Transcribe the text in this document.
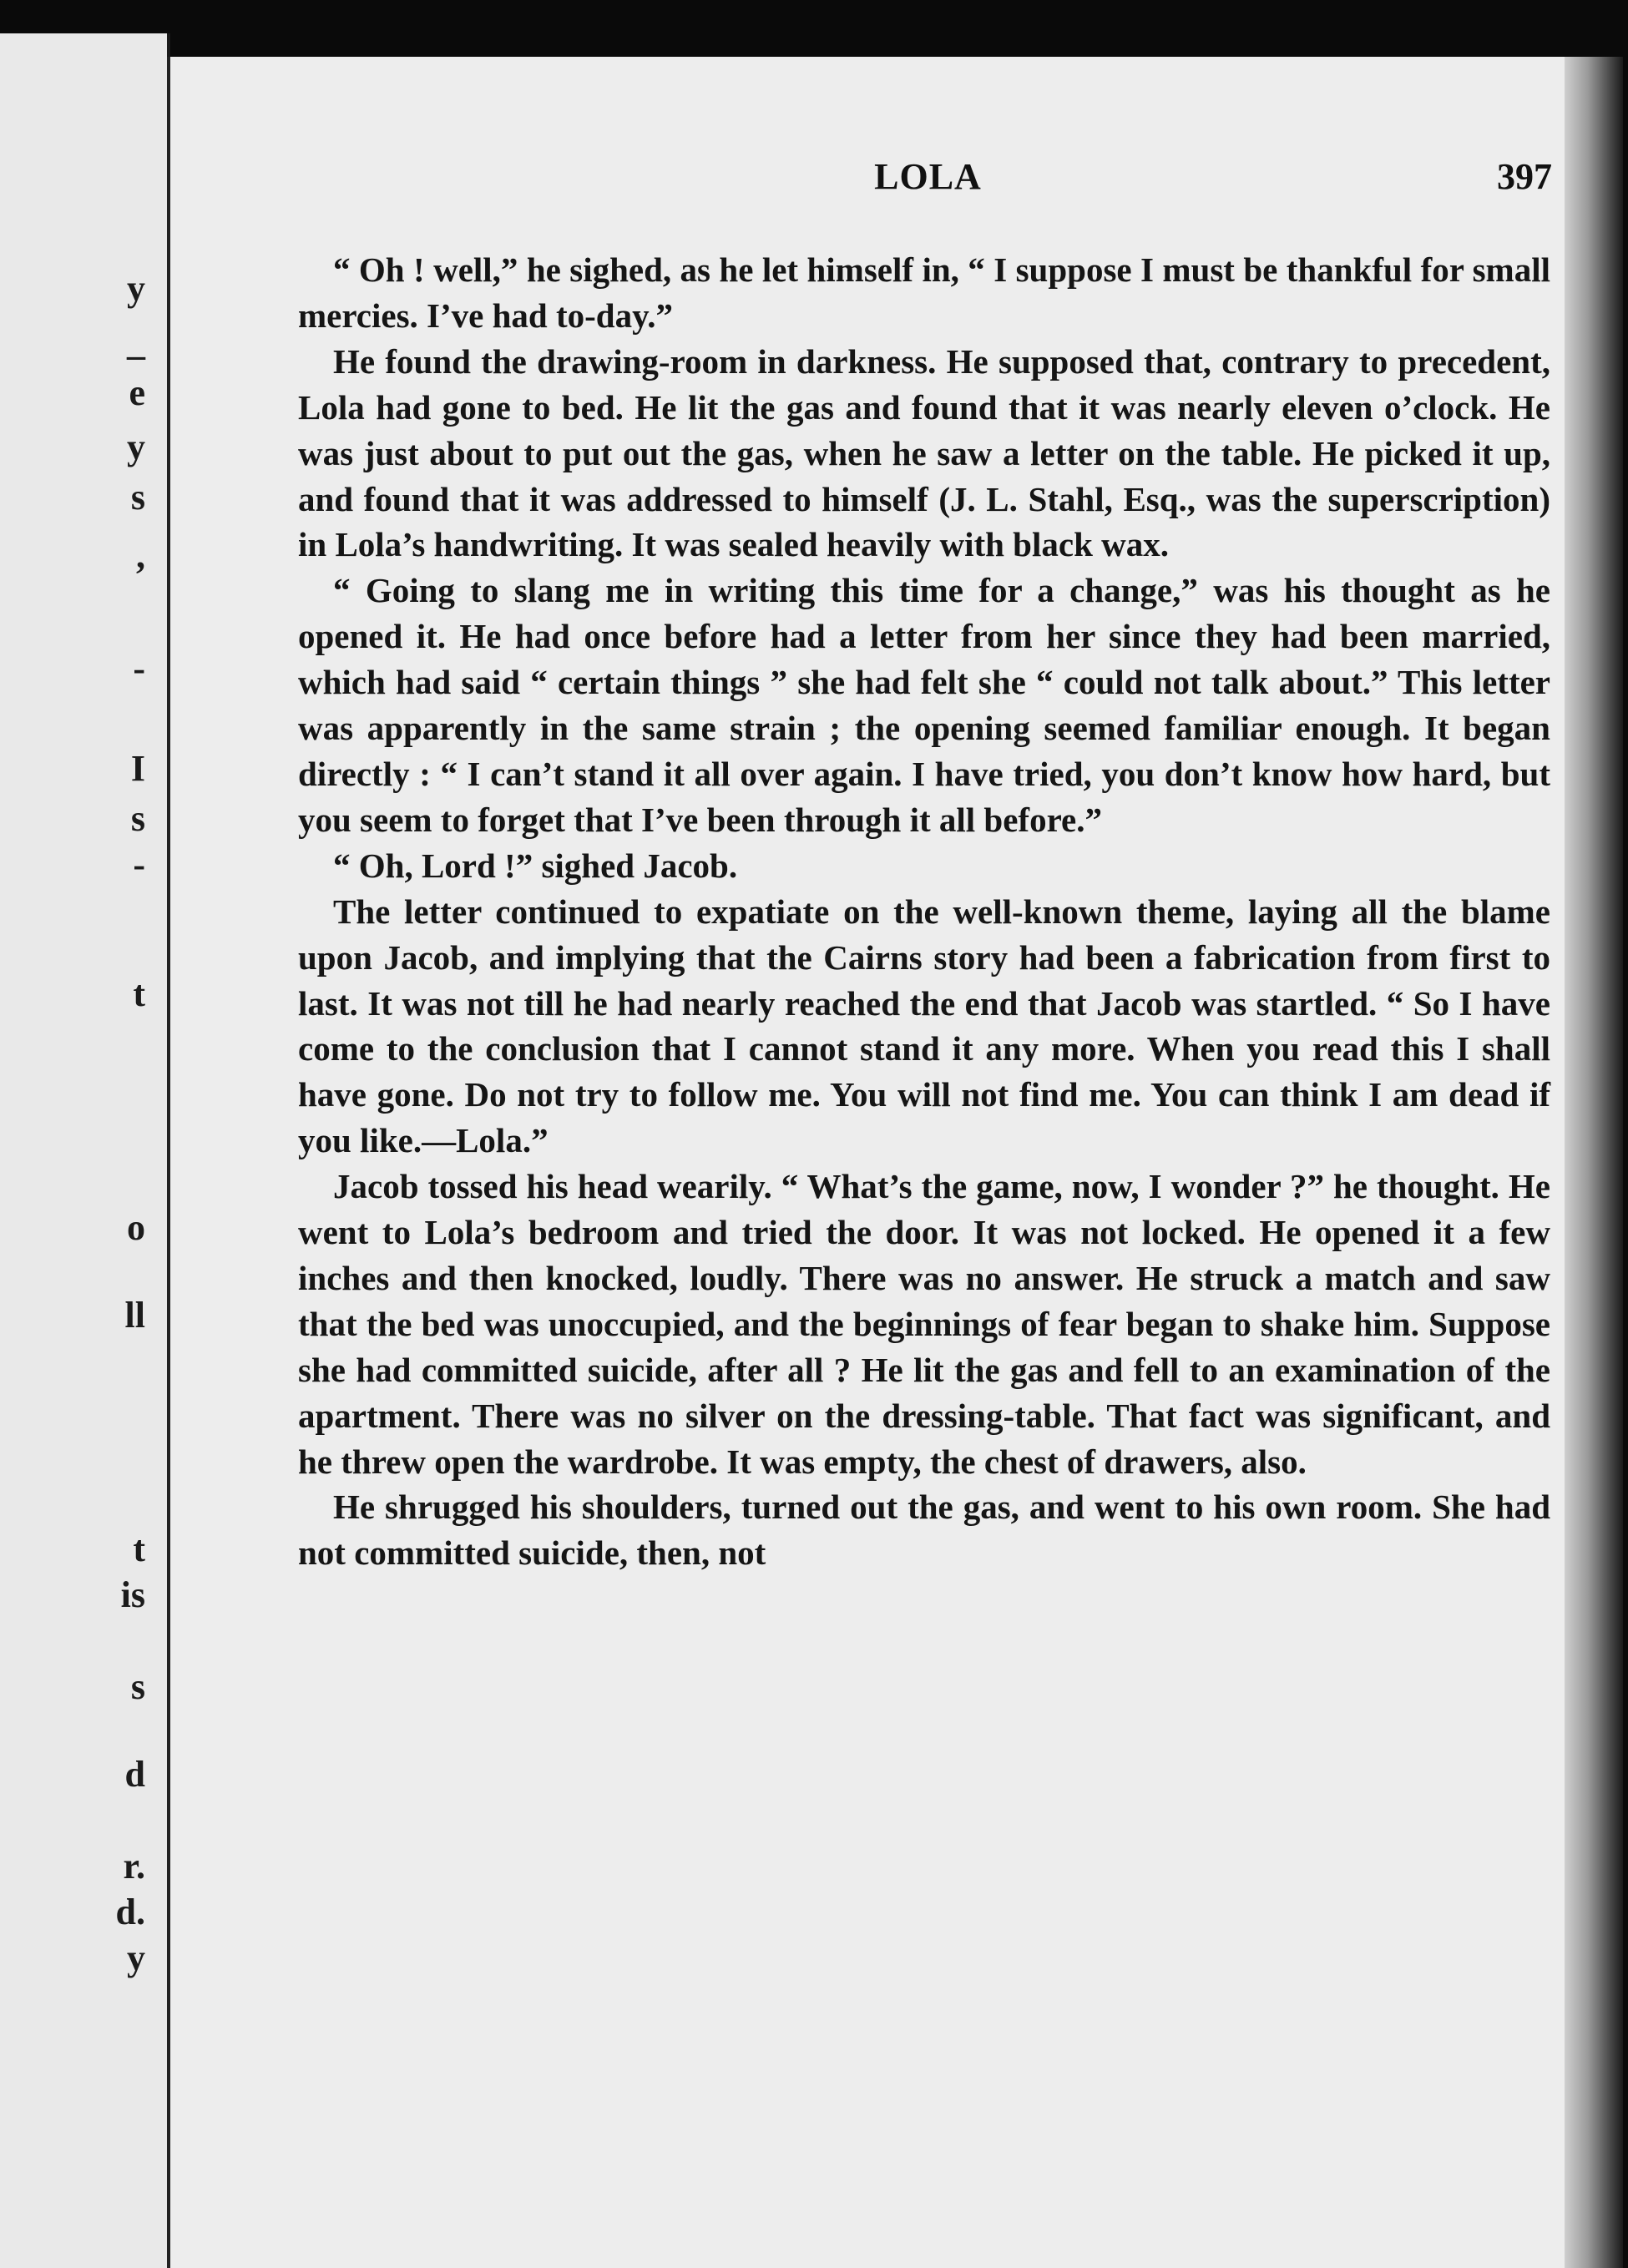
y
_
e
y
s
,
-
I
s
-
t
o
ll
t
is
s
d
r.
d.
y
LOLA	397

“ Oh ! well,” he sighed, as he let himself in, “ I suppose I must be thankful for small mercies. I’ve had to-day.”

He found the drawing-room in darkness. He supposed that, contrary to precedent, Lola had gone to bed. He lit the gas and found that it was nearly eleven o’clock. He was just about to put out the gas, when he saw a letter on the table. He picked it up, and found that it was addressed to himself (J. L. Stahl, Esq., was the superscription) in Lola’s handwriting. It was sealed heavily with black wax.

“ Going to slang me in writing this time for a change,” was his thought as he opened it. He had once before had a letter from her since they had been married, which had said “ certain things ” she had felt she “ could not talk about.” This letter was apparently in the same strain ; the opening seemed familiar enough. It began directly : “ I can’t stand it all over again. I have tried, you don’t know how hard, but you seem to forget that I’ve been through it all before.”

“ Oh, Lord !” sighed Jacob.

The letter continued to expatiate on the well-known theme, laying all the blame upon Jacob, and implying that the Cairns story had been a fabrication from first to last. It was not till he had nearly reached the end that Jacob was startled. “ So I have come to the conclusion that I cannot stand it any more. When you read this I shall have gone. Do not try to follow me. You will not find me. You can think I am dead if you like.—Lola.”

Jacob tossed his head wearily. “ What’s the game, now, I wonder ?” he thought. He went to Lola’s bedroom and tried the door. It was not locked. He opened it a few inches and then knocked, loudly. There was no answer. He struck a match and saw that the bed was unoccupied, and the beginnings of fear began to shake him. Suppose she had committed suicide, after all ? He lit the gas and fell to an examination of the apartment. There was no silver on the dressing-table. That fact was significant, and he threw open the wardrobe. It was empty, the chest of drawers, also.

He shrugged his shoulders, turned out the gas, and went to his own room. She had not committed suicide, then, not
